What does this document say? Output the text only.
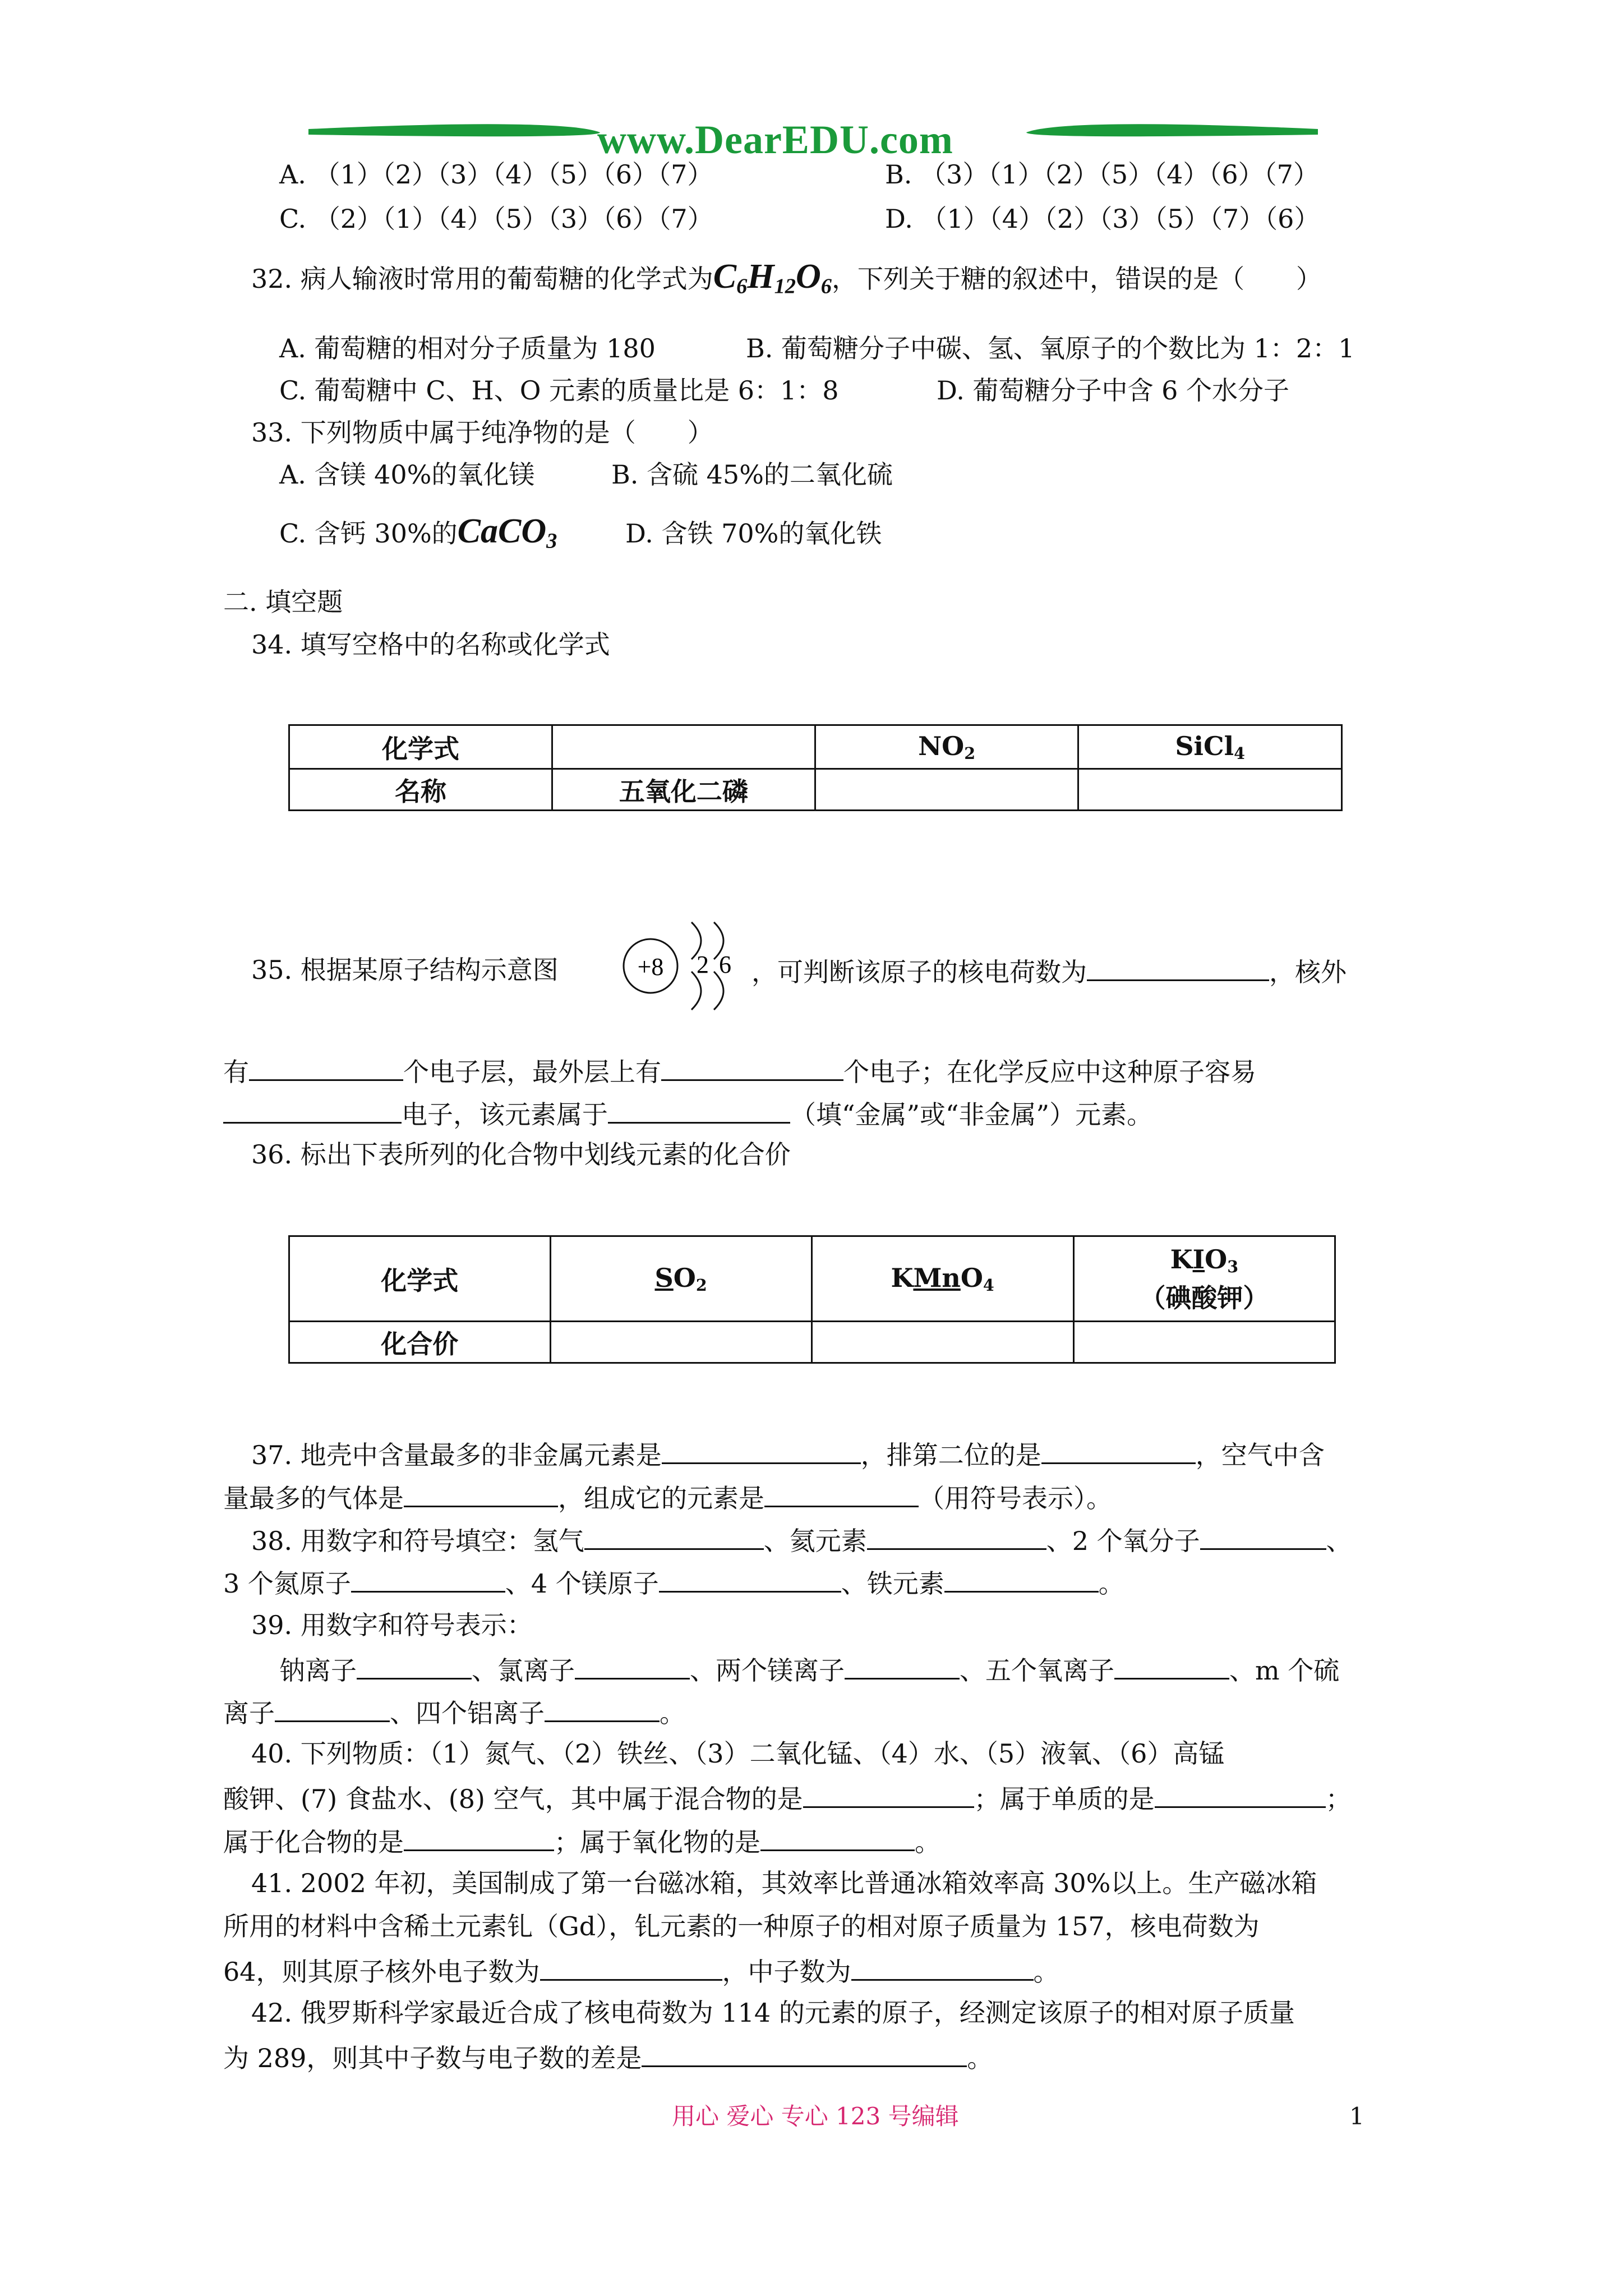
www.DearEDU.com
A. （1）（2）（3）（4）（5）（6）（7）	B. （3）（1）（2）（5）（4）（6）（7）
C. （2）（1）（4）（5）（3）（6）（7）	D. （1）（4）（2）（3）（5）（7）（6）
32. 病人输液时常用的葡萄糖的化学式为$C_6H_{12}O_6$，下列关于糖的叙述中，错误的是（　　）
A. 葡萄糖的相对分子质量为 180	B. 葡萄糖分子中碳、氢、氧原子的个数比为 1：2：1
C. 葡萄糖中 C、H、O 元素的质量比是 6：1：8	D. 葡萄糖分子中含 6 个水分子
33. 下列物质中属于纯净物的是（　　）
A. 含镁 40%的氧化镁	B. 含硫 45%的二氧化硫
C. 含钙 30%的CaCO$_3$	D. 含铁 70%的氧化铁
二. 填空题
34. 填写空格中的名称或化学式
化学式		$NO_2$	SiCl$_4$
名称	五氧化二磷		
35. 根据某原子结构示意图	+8 2 6 ，可判断该原子的核电荷数为	，核外
有	个电子层，最外层上有	个电子；在化学反应中这种原子容易
电子，该元素属于	（填“金属”或“非金属”）元素。
36. 标出下表所列的化合物中划线元素的化合价
化学式	$SO_2$	KMnO$_4$	$KIO_3$
（碘酸钾）
化合价			
37. 地壳中含量最多的非金属元素是	，排第二位的是	，空气中含
量最多的气体是	，组成它的元素是	（用符号表示）。
38. 用数字和符号填空：氢气	、氦元素	、2 个氧分子	、
3 个氮原子	、4 个镁原子	、铁元素	。
39. 用数字和符号表示：
钠离子	、氯离子	、两个镁离子	、五个氧离子	、m 个硫
离子	、四个铝离子	。
40. 下列物质：（1）氮气、（2）铁丝、（3）二氧化锰、（4）水、（5）液氧、（6）高锰
酸钾、(7) 食盐水、(8) 空气，其中属于混合物的是	；属于单质的是	；
属于化合物的是	；属于氧化物的是	。
41. 2002 年初，美国制成了第一台磁冰箱，其效率比普通冰箱效率高 30%以上。生产磁冰箱
所用的材料中含稀土元素钆（Gd），钆元素的一种原子的相对原子质量为 157，核电荷数为
64，则其原子核外电子数为	，中子数为	。
42. 俄罗斯科学家最近合成了核电荷数为 114 的元素的原子，经测定该原子的相对原子质量
为 289，则其中子数与电子数的差是	。
用心 爱心 专心 123 号编辑	1
